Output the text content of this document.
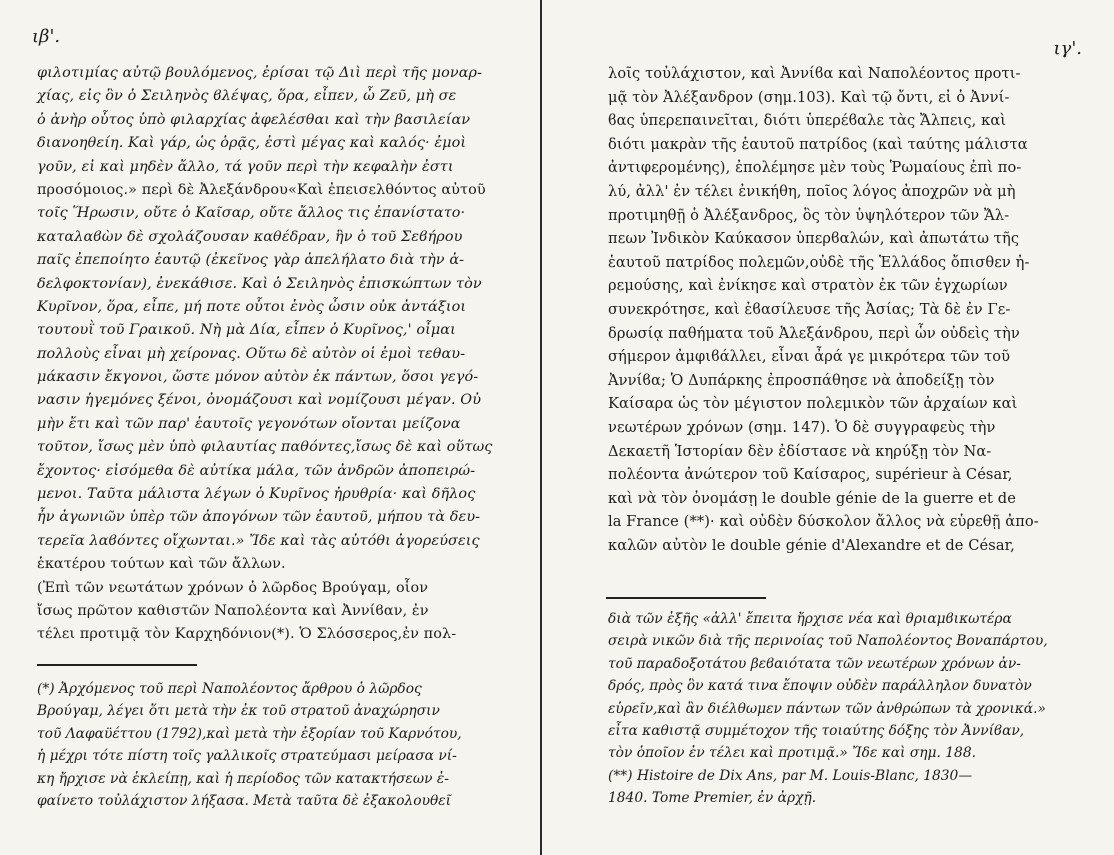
ιβ'.
φιλοτιμίας αὐτῷ βουλόμενος, ἐρίσαι τῷ Διὶ περὶ τῆς μοναρ-
χίας, εἰς ὃν ὁ Σειληνὸς ϐλέψας, ὅρα, εἶπεν, ὦ Ζεῦ, μὴ σε
ὁ ἀνὴρ οὗτος ὑπὸ φιλαρχίας ἀφελέσθαι καὶ τὴν βασιλείαν
διανοηθείη. Καὶ γάρ, ὡς ὁρᾷς, ἐστὶ μέγας καὶ καλός· ἐμοὶ
γοῦν, εἰ καὶ μηδὲν ἄλλο, τά γοῦν περὶ τὴν κεφαλὴν ἐστι
προσόμοιος.» περὶ δὲ Ἀλεξάνδρου«Καὶ ἐπεισελθόντος αὐτοῦ
τοῖς Ἥρωσιν, οὔτε ὁ Καῖσαρ, οὔτε ἄλλος τις ἐπανίστατο·
καταλαϐὼν δὲ σχολάζουσαν καθέδραν, ἣν ὁ τοῦ Σεϐήρου
παῖς ἐπεποίητο ἑαυτῷ (ἐκεῖνος γὰρ ἀπελήλατο διὰ τὴν ἀ-
δελφοκτονίαν), ἐνεκάθισε. Καὶ ὁ Σειληνὸς ἐπισκώπτων τὸν
Κυρῖνον, ὅρα, εἶπε, μή ποτε οὗτοι ἑνὸς ὦσιν οὐκ ἀντάξιοι
τουτουῒ τοῦ Γραικοῦ. Νὴ μὰ Δία, εἶπεν ὁ Κυρῖνος,' οἶμαι
πολλοὺς εἶναι μὴ χείρονας. Οὕτω δὲ αὐτὸν οἱ ἐμοὶ τεθαυ-
μάκασιν ἔκγονοι, ὥστε μόνον αὐτὸν ἐκ πάντων, ὅσοι γεγό-
νασιν ἡγεμόνες ξένοι, ὀνομάζουσι καὶ νομίζουσι μέγαν. Οὐ
μὴν ἔτι καὶ τῶν παρ' ἑαυτοῖς γεγονότων οἴονται μείζονα
τοῦτον, ἴσως μὲν ὑπὸ φιλαυτίας παθόντες,ἴσως δὲ καὶ οὕτως
ἔχοντος· εἰσόμεθα δὲ αὐτίκα μάλα, τῶν ἀνδρῶν ἀποπειρώ-
μενοι. Ταῦτα μάλιστα λέγων ὁ Κυρῖνος ἠρυθρία· καὶ δῆλος
ἦν ἀγωνιῶν ὑπὲρ τῶν ἀπογόνων τῶν ἑαυτοῦ, μήπου τὰ δευ-
τερεῖα λαϐόντες οἴχωνται.» Ἴδε καὶ τὰς αὐτόθι ἀγορεύσεις
ἑκατέρου τούτων καὶ τῶν ἄλλων.
(Ἐπὶ τῶν νεωτάτων χρόνων ὁ λῶρδος Βρούγαμ, οἷον
ἴσως πρῶτον καθιστῶν Ναπολέοντα καὶ Ἀννίϐαν, ἐν
τέλει προτιμᾷ τὸν Καρχηδόνιον(*). Ὁ Σλόσσερος,ἐν πολ-
(*) Ἀρχόμενος τοῦ περὶ Ναπολέοντος ἄρθρου ὁ λῶρδος
Βρούγαμ, λέγει ὅτι μετὰ τὴν ἐκ τοῦ στρατοῦ ἀναχώρησιν
τοῦ Λαφαϋέττου (1792),καὶ μετὰ τὴν ἐξορίαν τοῦ Καρνότου,
ἡ μέχρι τότε πίστη τοῖς γαλλικοῖς στρατεύμασι μείρασα νί-
κη ἤρχισε νὰ ἐκλείπῃ, καὶ ἡ περίοδος τῶν κατακτήσεων ἐ-
φαίνετο τοὐλάχιστον λήξασα. Μετὰ ταῦτα δὲ ἐξακολουθεῖ
ιγ'.
λοῖς τοὐλάχιστον, καὶ Ἀννίϐα καὶ Ναπολέοντος προτι-
μᾷ τὸν Ἀλέξανδρον (σημ.103). Καὶ τῷ ὄντι, εἰ ὁ Ἀννί-
ϐας ὑπερεπαινεῖται, διότι ὑπερέϐαλε τὰς Ἄλπεις, καὶ
διότι μακρὰν τῆς ἑαυτοῦ πατρίδος (καὶ ταύτης μάλιστα
ἀντιφερομένης), ἐπολέμησε μὲν τοὺς Ῥωμαίους ἐπὶ πο-
λύ, ἀλλ' ἐν τέλει ἐνικήθη, ποῖος λόγος ἀποχρῶν νὰ μὴ
προτιμηθῇ ὁ Ἀλέξανδρος, ὃς τὸν ὑψηλότερον τῶν Ἄλ-
πεων Ἰνδικὸν Καύκασον ὑπερϐαλών, καὶ ἀπωτάτω τῆς
ἑαυτοῦ πατρίδος πολεμῶν,οὐδὲ τῆς Ἑλλάδος ὄπισθεν ἠ-
ρεμούσης, καὶ ἐνίκησε καὶ στρατὸν ἐκ τῶν ἐγχωρίων
συνεκρότησε, καὶ ἐϐασίλευσε τῆς Ἀσίας; Τὰ δὲ ἐν Γε-
δρωσίᾳ παθήματα τοῦ Ἀλεξάνδρου, περὶ ὧν οὐδεὶς τὴν
σήμερον ἀμφιϐάλλει, εἶναι ἆρά γε μικρότερα τῶν τοῦ
Ἀννίϐα; Ὁ Δυπάρκης ἐπροσπάθησε νὰ ἀποδείξῃ τὸν
Καίσαρα ὡς τὸν μέγιστον πολεμικὸν τῶν ἀρχαίων καὶ
νεωτέρων χρόνων (σημ. 147). Ὁ δὲ συγγραφεὺς τὴν
Δεκαετῆ Ἱστορίαν δὲν ἐδίστασε νὰ κηρύξῃ τὸν Να-
πολέοντα ἀνώτερον τοῦ Καίσαρος, supérieur à César,
καὶ νὰ τὸν ὀνομάσῃ le double génie de la guerre et de
la France (**)· καὶ οὐδὲν δύσκολον ἄλλος νὰ εὑρεθῇ ἀπο-
καλῶν αὐτὸν le double génie d'Alexandre et de César,
διὰ τῶν ἑξῆς «ἀλλ' ἔπειτα ἤρχισε νέα καὶ θριαμϐικωτέρα
σειρὰ νικῶν διὰ τῆς περινοίας τοῦ Ναπολέοντος Βοναπάρτου,
τοῦ παραδοξοτάτου βεϐαιότατα τῶν νεωτέρων χρόνων ἀν-
δρός, πρὸς ὃν κατά τινα ἔποψιν οὐδὲν παράλληλον δυνατὸν
εὑρεῖν,καὶ ἂν διέλθωμεν πάντων τῶν ἀνθρώπων τὰ χρονικά.»
εἶτα καθιστᾷ συμμέτοχον τῆς τοιαύτης δόξης τὸν Ἀννίϐαν,
τὸν ὁποῖον ἐν τέλει καὶ προτιμᾷ.» Ἴδε καὶ σημ. 188.
(**) Histoire de Dix Ans, par M. Louis-Blanc, 1830—
1840. Tome Premier, ἐν ἀρχῇ.
